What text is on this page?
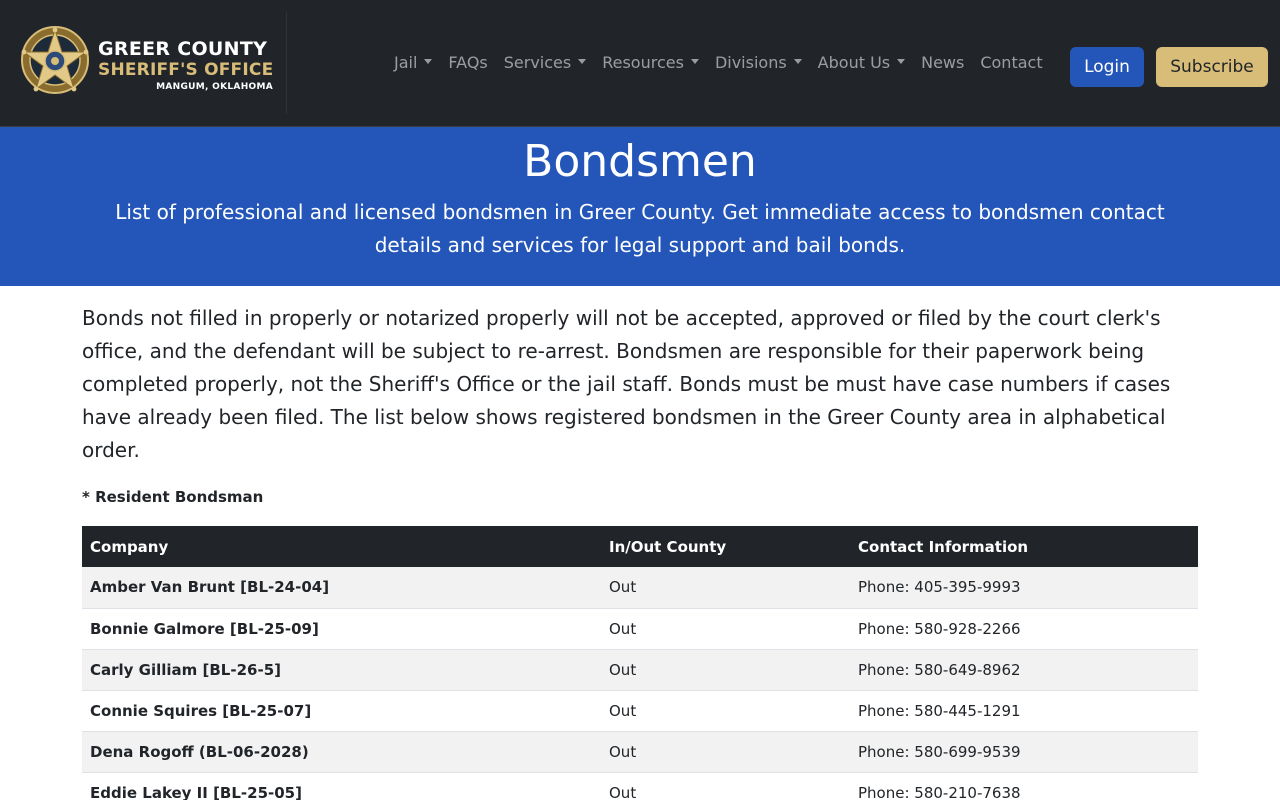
GREER COUNTY
SHERIFF'S OFFICE
MANGUM, OKLAHOMA
Jail FAQs Services Resources Divisions About Us News Contact	Login	Subscribe
Bondsmen

List of professional and licensed bondsmen in Greer County. Get immediate access to bondsmen contact details and services for legal support and bail bonds.

Bonds not filled in properly or notarized properly will not be accepted, approved or filed by the court clerk's office, and the defendant will be subject to re-arrest. Bondsmen are responsible for their paperwork being completed properly, not the Sheriff's Office or the jail staff. Bonds must be must have case numbers if cases have already been filed. The list below shows registered bondsmen in the Greer County area in alphabetical order.

* Resident Bondsman

Company	In/Out County	Contact Information
Amber Van Brunt [BL-24-04]	Out	Phone: 405-395-9993
Bonnie Galmore [BL-25-09]	Out	Phone: 580-928-2266
Carly Gilliam [BL-26-5]	Out	Phone: 580-649-8962
Connie Squires [BL-25-07]	Out	Phone: 580-445-1291
Dena Rogoff (BL-06-2028)	Out	Phone: 580-699-9539
Eddie Lakey II [BL-25-05]	Out	Phone: 580-210-7638
